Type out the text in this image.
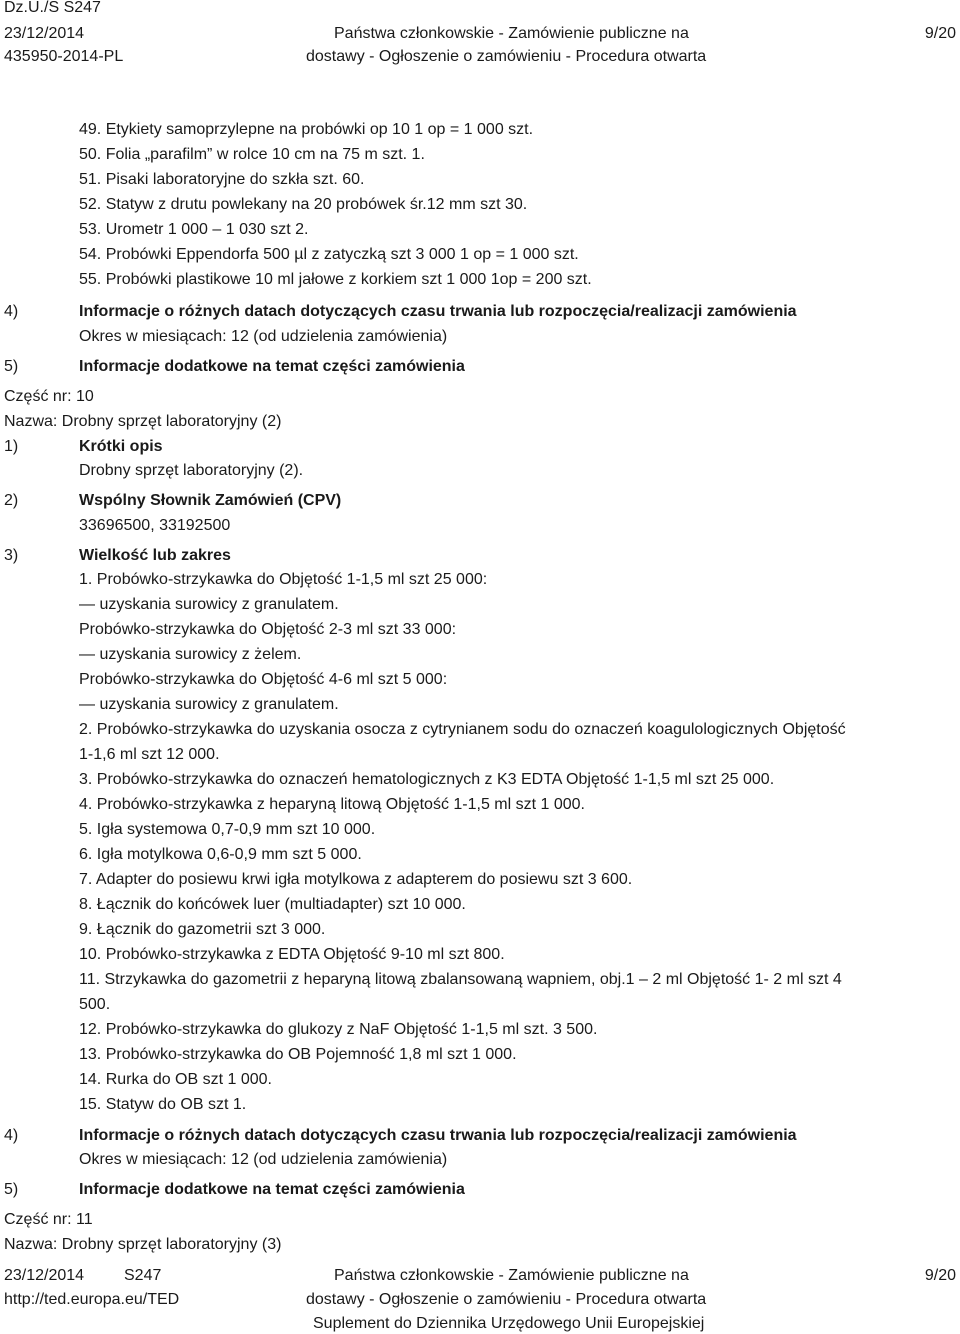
Dz.U./S S247
23/12/2014
435950-2014-PL
Państwa członkowskie - Zamówienie publiczne na
dostawy - Ogłoszenie o zamówieniu - Procedura otwarta
9/20
49. Etykiety samoprzylepne na probówki op 10 1 op = 1 000 szt.
50. Folia „parafilm” w rolce 10 cm na 75 m szt. 1.
51. Pisaki laboratoryjne do szkła szt. 60.
52. Statyw z drutu powlekany na 20 probówek śr.12 mm szt 30.
53. Urometr 1 000 – 1 030 szt 2.
54. Probówki Eppendorfa 500 µl z zatyczką szt 3 000 1 op = 1 000 szt.
55. Probówki plastikowe 10 ml jałowe z korkiem szt 1 000 1op = 200 szt.
4)	Informacje o różnych datach dotyczących czasu trwania lub rozpoczęcia/realizacji zamówienia
Okres w miesiącach: 12 (od udzielenia zamówienia)
5)	Informacje dodatkowe na temat części zamówienia
Część nr: 10
Nazwa: Drobny sprzęt laboratoryjny (2)
1)	Krótki opis
Drobny sprzęt laboratoryjny (2).
2)	Wspólny Słownik Zamówień (CPV)
33696500, 33192500
3)	Wielkość lub zakres
1. Probówko-strzykawka do Objętość 1-1,5 ml szt 25 000:
— uzyskania surowicy z granulatem.
Probówko-strzykawka do Objętość 2-3 ml szt 33 000:
— uzyskania surowicy z żelem.
Probówko-strzykawka do Objętość 4-6 ml szt 5 000:
— uzyskania surowicy z granulatem.
2. Probówko-strzykawka do uzyskania osocza z cytrynianem sodu do oznaczeń koagulologicznych Objętość
1-1,6 ml szt 12 000.
3. Probówko-strzykawka do oznaczeń hematologicznych z K3 EDTA Objętość 1-1,5 ml szt 25 000.
4. Probówko-strzykawka z heparyną litową Objętość 1-1,5 ml szt 1 000.
5. Igła systemowa 0,7-0,9 mm szt 10 000.
6. Igła motylkowa 0,6-0,9 mm szt 5 000.
7. Adapter do posiewu krwi igła motylkowa z adapterem do posiewu szt 3 600.
8. Łącznik do końcówek luer (multiadapter) szt 10 000.
9. Łącznik do gazometrii szt 3 000.
10. Probówko-strzykawka z EDTA Objętość 9-10 ml szt 800.
11. Strzykawka do gazometrii z heparyną litową zbalansowaną wapniem, obj.1 – 2 ml Objętość 1- 2 ml szt 4
500.
12. Probówko-strzykawka do glukozy z NaF Objętość 1-1,5 ml szt. 3 500.
13. Probówko-strzykawka do OB Pojemność 1,8 ml szt 1 000.
14. Rurka do OB szt 1 000.
15. Statyw do OB szt 1.
4)	Informacje o różnych datach dotyczących czasu trwania lub rozpoczęcia/realizacji zamówienia
Okres w miesiącach: 12 (od udzielenia zamówienia)
5)	Informacje dodatkowe na temat części zamówienia
Część nr: 11
Nazwa: Drobny sprzęt laboratoryjny (3)
23/12/2014 S247
http://ted.europa.eu/TED
Państwa członkowskie - Zamówienie publiczne na
dostawy - Ogłoszenie o zamówieniu - Procedura otwarta
Suplement do Dziennika Urzędowego Unii Europejskiej
9/20
